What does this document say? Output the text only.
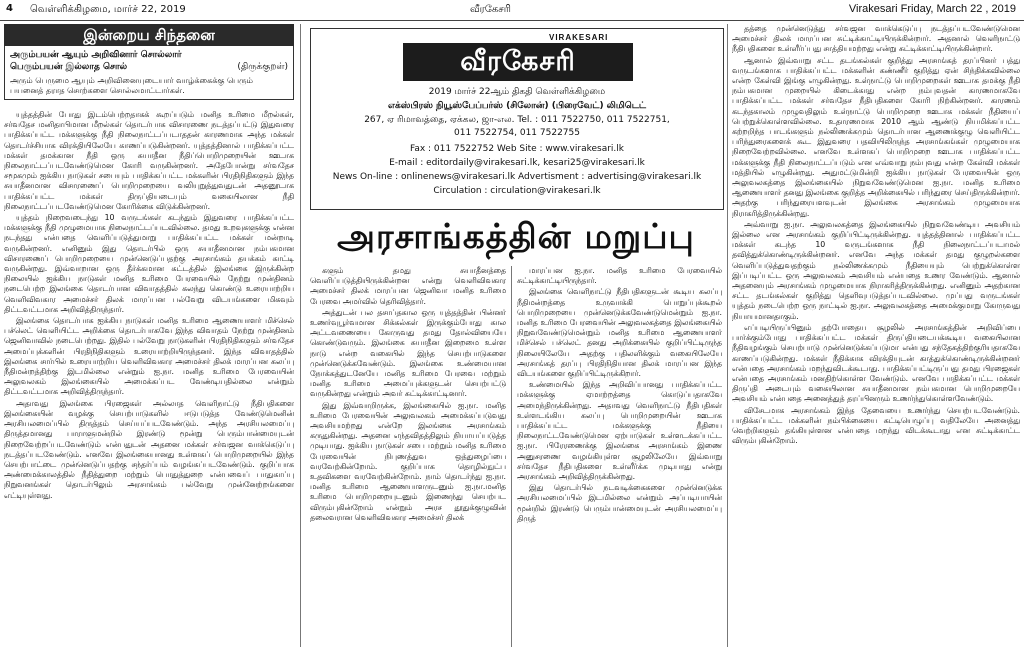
4 வெள்ளிக்கிழமை, மார்ச் 22, 2019	வீரகேசரி	Virakesari Friday, March 22 , 2019
இன்றைய சிந்தனை
அரும்பயன் ஆயும் அறிவினார் சொல்லார்
பெரும்பயன் இல்லாத சொல்	(திருக்குறள்)
அரும் பெருமை ஆயும் அறிவினையுடையார் வாழ்க்கைக்கு பெரும் பயனைத் தராத சொற்களை சொல்லமாட்டார்கள்.

யுத்தத்தின் போது இடம்பெற்றதாகக் கூறப்படும் மனித உரிமை மீறல்கள், சர்வதேச மனிதாபிமான மீறல்கள் தொடர்பாக விசாரணை நடத்தப்பட்டு இதுவரை பாதிக்கப்பட்ட மக்களுக்கு நீதி நிலைநாட்டப்படாததன் காரணமாக அந்த மக்கள் தொடர்ச்சியாக விரக்தியிலேயே காணப்படுகின்றனர். யுத்தத்தினால் பாதிக்கப்பட்ட மக்கள் தமக்கான நீதி ஒரு சுயாதீன நீதிப்பொறிமுறையின் ஊடாக நிலைநாட்டப்படவேண்டுமென கோரி வருகின்றனர். அதேபோன்று சர்வதேச சமூகமும் ஐக்கிய நாடுகள் சபையும் பாதிக்கப்பட்ட மக்களின் பிரதிநிதிகளும் இந்த சுயாதீனமான விசாரணைப் பொறிமுறையை வலியுறுத்துவதுடன் அதனூடாக பாதிக்கப்பட்ட மக்கள் திருப்தியடையும் வகையிலான நீதி நிலைநாட்டப்படவேண்டுமென கோரிக்கை விடுக்கின்றனர்.

யுத்தம் நிறைவடைந்து 10 வருடங்கள் கடந்தும் இதுவரை பாதிக்கப்பட்ட மக்களுக்கு நீதி முழுமையாக நிலைநாட்டப்படவில்லை. தமது உறவுகளுக்கு என்ன நடந்தது என்பதை வெளிப்படுத்துமாறு பாதிக்கப்பட்ட மக்கள் மன்றாடி வருகின்றனர். எனினும் இது தொடர்பில் ஒரு சுயாதீனமான நம்பகமான விசாரணைப் பொறிமுறையை முன்னெடுப்பதற்கு அரசாங்கம் தயக்கம் காட்டி வருகின்றது. இவ்வாறான ஒரு தீர்க்கமான கட்டத்தில் இலங்கை இருக்கின்ற நிலையில் ஐக்கிய நாடுகள் மனித உரிமை பேரவையில் நேற்று முன்தினம் நடைபெற்ற இலங்கை தொடர்பான விவாதத்தில் கலந்து கொண்டு உரையாற்றிய வெளிவிவகார அமைச்சர் திலக் மாரப்பன பல்வேறு விடயங்களை மிகவும் திட்டவட்டமாக அறிவித்திருந்தார்.

இலங்கை தொடர்பாக ஐக்கிய நாடுகள் மனித உரிமை ஆணையாளர் மிச்செல் பச்லெட் வெளியிட்ட அறிக்கை தொடர்பாகவே இந்த விவாதம் நேற்று முன்தினம் ஜெனிவாவில் நடைபெற்றது. இதில் பல்வேறு நாடுகளின் பிரதிநிதிகளும் சர்வதேச அமைப்புக்களின் பிரதிநிதிகளும் உரையாற்றியிருந்தனர். இந்த விவாதத்தில் இலங்கை சார்பில் உரையாற்றிய வெளிவிவகார அமைச்சர் திலக் மாரப்பன கலப்பு நீதிமன்றத்திற்கு இடமில்லை என்றும் ஐ.நா. மனித உரிமை பேரவையின் அலுவலகம் இலங்கையில் அமைக்கப்பட வேண்டியதில்லை என்றும் திட்டவட்டமாக அறிவித்திருந்தார்.

அதாவது இலங்கை பிரஜைகள் அல்லாத வெளிநாட்டு நீதிபதிகளை இலங்கையின் வழக்கு செயற்பாடுகளில் ஈடுபடுத்த வேண்டுமெனின் அரசியலமைப்பில் திருத்தம் செய்யப்படவேண்டும். அந்த அரசியலமைப்பு திருத்தமானது பாராளுமன்றில் இரண்டு மூன்று பெரும்பான்மையுடன் நிறைவேற்றப்படவேண்டும் என்பதுடன் அதனை மக்கள் சர்வஜன வாக்கெடுப்பு நடத்தப்படவேண்டும். எனவே இலங்கையானது உள்ளகப் பொறிமுறையில் இந்த செயற்பாட்டை முன்னெடுப்பதற்கு சந்தர்ப்பம் வழங்கப்படவேண்டும். குறிப்பாக அண்மைக்காலத்தில் நீதித்துறை மற்றும் பொதுத்துறை என்பவைப் பாதுகாப்பு நிறுவனங்கள் தொடர்பிலும் அரசாங்கம் பல்வேறு முன்னேற்றங்களை எட்டியுள்ளது.

VIRAKESARI
வீரகேசரி
2019 மார்ச் 22ஆம் திகதி வெள்ளிக்கிழமை
எக்ஸ்பிரஸ் நியூஸ்பேப்பர்ஸ் (சிலோன்) (பிரைவேட்) லிமிடெட்
267, ஏ ரிமாவத்தை, ஏக்கல, ஜா-எல. Tel. : 011 7522750, 011 7522751,
011 7522754, 011 7522755
Fax : 011 7522752 Web Site : www.virakesari.lk
E-mail : editordaily@virakesari.lk, kesari25@virakesari.lk
News On-line : onlinenews@virakesari.lk Advertisment : advertising@virakesari.lk
Circulation : circulation@virakesari.lk
அரசாங்கத்தின் மறுப்பு

களும் தமது சுயாதீனத்தை வெளிப்படுத்தியிருக்கின்றன என்று வெளிவிவகார அமைச்சர் திலக் மாரப்பன ஜெனிவா மனித உரிமை பேரவை அமர்வில் தெரிவித்தார்.

அத்துடன் பல தசாப்தகால ஒரு யுத்தத்தின் பின்னர் உணர்வுபூர்வமான சிக்கல்கள் இருக்கும்போது கால அட்டவணையை கோருவது தமது தோல்வியையே கொண்டுவரும். இலங்கை சுயாதீன இறைமை உள்ள நாடு என்ற வகையில் இந்த செயற்பாடுகளை முன்னெடுக்கவேண்டும். இலங்கை உண்மையான நோக்கத்துடனேயே மனித உரிமை பேரவை மற்றும் மனித உரிமை அமைப்புக்களுடன் செயற்பட்டு வருகின்றது என்றும் அவர் சுட்டிக்காட்டினார்.

இது இவ்வாறிருக்க, இலங்கையில் ஐ.நா. மனித உரிமை பேரவையின் அலுவலகம் அமைக்கப்படுவது அவசியமற்றது என்றே இலங்கை அரசாங்கம் கருதுகின்றது. அதனை எந்தவிதத்திலும் நியாயப்படுத்த முடியாது. ஐக்கிய நாடுகள் சபை மற்றும் மனித உரிமை பேரவையின் நிபுணத்துவ ஒத்துழைப்பை வரவேற்கின்றோம். குறிப்பாக தொழில்நுட்ப உதவிகளை வரவேற்கின்றோம். நாம் தொடர்ந்து ஐ.நா. மனித உரிமை ஆணையாளருடனும் ஐ.நா.மனித உரிமை பொறிமுறையுடனும் இணைந்து செயற்பட விரும்புகின்றோம் என்றும் அரச தூதுக்குழுவின் தலைவரான வெளிவிவகார அமைச்சர் திலக்

மாரப்பன ஐ.நா. மனித உரிமை பேரவையில் சுட்டிக்காட்டியிருந்தார்.

இலங்கை வெளிநாட்டு நீதிபதிகளுடன் கூடிய கலப்பு நீதிமன்றத்தை உருவாக்கி பொறுப்புக்கூறல் பொறிமுறையை முன்னெடுக்கவேண்டுமென்றும் ஐ.நா. மனித உரிமை பேரவையின் அலுவலகத்தை இலங்கையில் நிறுவவேண்டுமென்றும் மனித உரிமை ஆணையாளர் மிச்செல் பச்லெட் தனது அறிக்கையில் குறிப்பிட்டிருந்த நிலையிலேயே அதற்கு பதிலளிக்கும் வகையிலேயே அரசாங்கத் தரப்பு பிரதிநிதியான திலக் மாரப்பன இந்த விடயங்களை குறிப்பிட்டிருக்கிறார்.

உண்மையில் இந்த அறிவிப்பானது பாதிக்கப்பட்ட மக்களுக்கு ஏமாற்றத்தை கொடுப்பதாகவே அமைந்திருக்கின்றது. அதாவது வெளிநாட்டு நீதிபதிகள் உள்ளடங்கிய கலப்பு பொறிமுறையின் ஊடாக பாதிக்கப்பட்ட மக்களுக்கு நீதியை நிலைநாட்டவேண்டுமென ஏற்பாடுகள் உள்ளடக்கப்பட்ட ஐ.நா. பிரேரணைக்கு இலங்கை அரசாங்கம் இணை அனுசரணை வழங்கியுள்ள சூழலிலேயே இவ்வாறு சர்வதேச நீதிபதிகளை உள்ளீர்க்க முடியாது என்று அரசாங்கம் அறிவித்திருக்கின்றது.

இது தொடர்பில் நடவடிக்கைகளை முன்னெடுக்க அரசியலமைப்பில் இடமில்லை என்றும் அப்படியாயின் மூன்றில் இரண்டு பெரும்பான்மையுடன் அரசியலமைப்பு திருத்

தத்தை முன்னெடுத்து சர்வஜன வாக்கெடுப்பு நடத்தப்படவேண்டுமென அமைச்சர் திலக் மாரப்பன சுட்டிக்காட்டியிருக்கின்றார். அதனால் வெளிநாட்டு நீதிபதிகளை உள்ளீர்ப்பது சாத்தியமற்றது என்று சுட்டிக்காட்டியிருக்கின்றார்.

ஆனால் இவ்வாறு சட்ட தடங்கல்கள் குறித்து அரசாங்கத் தரப்பினர் பத்து வருடங்களாக பாதிக்கப்பட்ட மக்களின் கண்ணீர் குறித்து ஏன் சிந்திக்கவில்லை என்ற கேள்வி இங்கு எழுகின்றது. உள்நாட்டு பொறிமுறைகள் ஊடாக தமக்கு நீதி நம்பகமான முறையில் கிடைக்காது என்ற நம்புவதன் காரணமாகவே பாதிக்கப்பட்ட மக்கள் சர்வதேச நீதிபதிகளை கோரி நிற்கின்றனர். காரணம் கடந்தகாலம் முழுவதிலும் உள்நாட்டு பொறிமுறை ஊடாக மக்கள் நீதியைப் பெற்றுக்கொள்ளவில்லை. உதாரணமாக 2010 ஆம் ஆண்டு நியமிக்கப்பட்ட கற்றறிந்த பாடங்களும் நல்லிணக்கமும் தொடர்பான ஆணைக்குழு வெளியிட்ட பரிந்துரைகளைக் கூட இதுவரை பதவியிலிருந்த அரசாங்கங்கள் முழுமையாக நிறைவேற்றவில்லை. எனவே உள்ளகப் பொறிமுறை ஊடாக பாதிக்கப்பட்ட மக்களுக்கு நீதி நிலைநாட்டப்படும் என எவ்வாறு நம்புவது என்ற கேள்வி மக்கள் மத்தியில் எழுகின்றது. அதுமட்டுமின்றி ஐக்கிய நாடுகள் பேரவையின் ஒரு அலுவலகத்தை இலங்கையில் நிறுவவேண்டுமென ஐ.நா. மனித உரிமை ஆணையாளர் தனது இலங்கை குறித்த அறிக்கையில் பரிந்துரை செய்திருக்கின்றார். அதற்கு பரிந்துரையளவுடன் இலங்கை அரசாங்கம் முழுமையாக நிராகரித்திருக்கின்றது.

அவ்வாறு ஐ.நா. அலுவலகத்தை இலங்கையில் நிறுவவேண்டிய அவசியம் இல்லை என அரசாங்கம் குறிப்பிட்டிருக்கின்றது. யுத்தத்தினால் பாதிக்கப்பட்ட மக்கள் கடந்த 10 வருடங்களாக நீதி நிலைநாட்டப்படாமல் தவித்துக்கொண்டிருக்கின்றனர். எனவே அந்த மக்கள் தமது குழுறல்களை வெளிப்படுத்துவதற்கும் நல்லிணக்கமும் நீதியையும் பெற்றுக்கொள்ள இப்படிப்பட்ட ஒரு அலுவலகம் அவசியம் என்பதை உணர வேண்டும். ஆனால் அதனையும் அரசாங்கம் முழுமையாக நிராகரித்திருக்கின்றது. எனினும் அதற்கான சட்ட தடங்கல்கள் குறித்து தெளிவுபடுத்தப்படவில்லை. முப்பது வருடங்கள் யுத்தம் நடைபெற்ற ஒரு நாட்டில் ஐ.நா. அலுவலகத்தை அமைக்குமாறு கோருவது நியாயமானதாகும்.

எப்படியிருப்பினும் தற்போதைய சூழலில் அரசாங்கத்தின் அறிவிப்பை பார்க்கும்போது பாதிக்கப்பட்ட மக்கள் திருப்தியடையக்கூடிய வகையிலான நீதிவழங்கும் செயற்பாடு முன்னெடுக்கப்படுமா என்பது சந்தேகத்திற்குரியதாகவே காணப்படுகின்றது. மக்கள் நீதிக்காக விரக்தியுடன் காத்துக்கொண்டிருக்கின்றனர் என்பதை அரசாங்கம் மறந்துவிடக்கூடாது. பாதிக்கப்பட்டிருப்பது தமது பிரஜைகள் என்பதை அரசாங்கம் மனதிற்கொள்ள வேண்டும். எனவே பாதிக்கப்பட்ட மக்கள் திருப்தி அடையும் வகையிலான சுயாதீனமான நம்பகமான பொறிமுறையே அவசியம் என்பதை அனைத்துத் தரப்பினரும் உணர்ந்துகொள்ளவேண்டும்.

விசேடமாக அரசாங்கம் இந்த தேவையை உணர்ந்து செயற்படவேண்டும். பாதிக்கப்பட்ட மக்களின் நம்பிக்கையை கட்டியெழுப்பு வதிலேயே அனைத்து வெற்றிகளும் தங்கியுள்ளன என்பதை மறந்து விடக்கூடாது என சுட்டிக்காட்ட விரும்புகின்றோம்.
